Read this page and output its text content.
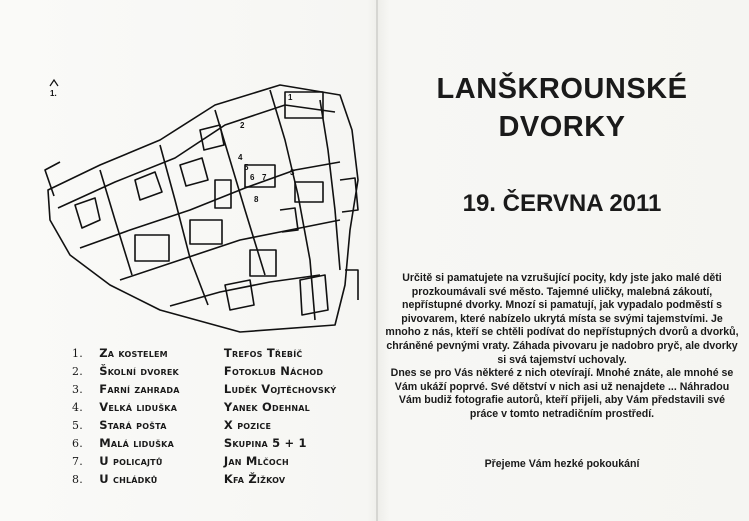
1.	1
2
3
4
5
6 7
8
1.	Za kostelem	Trefos Třebíč
2.	Školní dvorek	Fotoklub Náchod
3.	Farní zahrada	Luděk Vojtěchovský
4.	Velká liduška	Yanek Odehnal
5.	Stará pošta	X pozice
6.	Malá liduška	Skupina 5 + 1
7.	U policajtů	Jan Mlčoch
8.	U chládků	Kfa Žižkov
LANŠKROUNSKÉ
DVORKY
19. ČERVNA 2011

Určitě si pamatujete na vzrušující pocity, kdy jste jako malé děti prozkoumávali své město. Tajemné uličky, malebná zákoutí, nepřístupné dvorky. Mnozí si pamatují, jak vypadalo podměstí s pivovarem, které nabízelo ukrytá místa se svými tajemstvími. Je mnoho z nás, kteří se chtěli podívat do nepřístupných dvorů a dvorků, chráněné pevnými vraty. Záhada pivovaru je nadobro pryč, ale dvorky si svá tajemství uchovaly.

Dnes se pro Vás některé z nich otevírají. Mnohé znáte, ale mnohé se Vám ukáží poprvé. Své dětství v nich asi už nenajdete ... Náhradou Vám budiž fotografie autorů, kteří přijeli, aby Vám představili své práce v tomto netradičním prostředí.

Přejeme Vám hezké pokoukání
